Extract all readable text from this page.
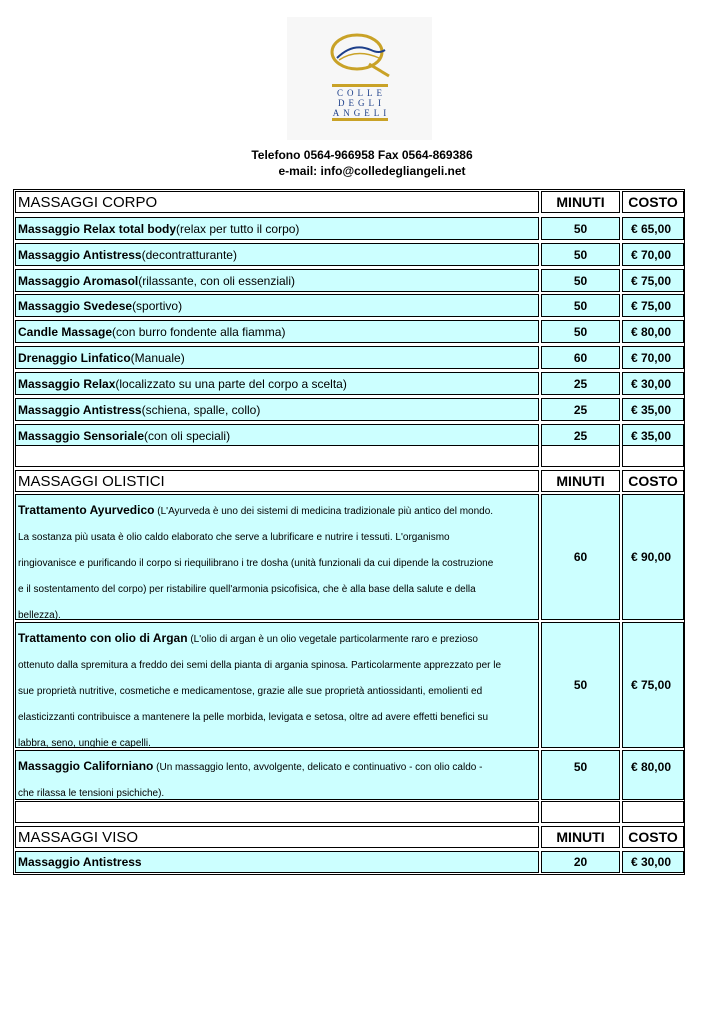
COLLE
DEGLI
ANGELI
Telefono 0564-966958 Fax 0564-869386
e-mail: info@colledegliangeli.net
MASSAGGI CORPO	MINUTI	COSTO
Massaggio Relax total body (relax per tutto il corpo)	50	€ 65,00
Massaggio Antistress (decontratturante)	50	€ 70,00
Massaggio Aromasol (rilassante, con oli essenziali)	50	€ 75,00
Massaggio Svedese (sportivo)	50	€ 75,00
Candle Massage (con burro fondente alla fiamma)	50	€ 80,00
Drenaggio Linfatico (Manuale)	60	€ 70,00
Massaggio Relax (localizzato su una parte del corpo a scelta)	25	€ 30,00
Massaggio Antistress (schiena, spalle, collo)	25	€ 35,00
Massaggio Sensoriale (con oli speciali)	25	€ 35,00
MASSAGGI OLISTICI	MINUTI	COSTO
Trattamento Ayurvedico (L'Ayurveda è uno dei sistemi di medicina tradizionale più antico del mondo.
La sostanza più usata è olio caldo elaborato che serve a lubrificare e nutrire i tessuti. L'organismo
ringiovanisce e purificando il corpo si riequilibrano i tre dosha (unità funzionali da cui dipende la costruzione
e il sostentamento del corpo) per ristabilire quell'armonia psicofisica, che è alla base della salute e della
bellezza).
60	€ 90,00
Trattamento con olio di Argan (L'olio di argan è un olio vegetale particolarmente raro e prezioso
ottenuto dalla spremitura a freddo dei semi della pianta di argania spinosa. Particolarmente apprezzato per le
sue proprietà nutritive, cosmetiche e medicamentose, grazie alle sue proprietà antiossidanti, emolienti ed
elasticizzanti contribuisce a mantenere la pelle morbida, levigata e setosa, oltre ad avere effetti benefici su
labbra, seno, unghie e capelli.
50	€ 75,00
Massaggio Californiano (Un massaggio lento, avvolgente, delicato e continuativo - con olio caldo -
che rilassa le tensioni psichiche).
50	€ 80,00
MASSAGGI VISO	MINUTI	COSTO
Massaggio Antistress	20	€ 30,00
